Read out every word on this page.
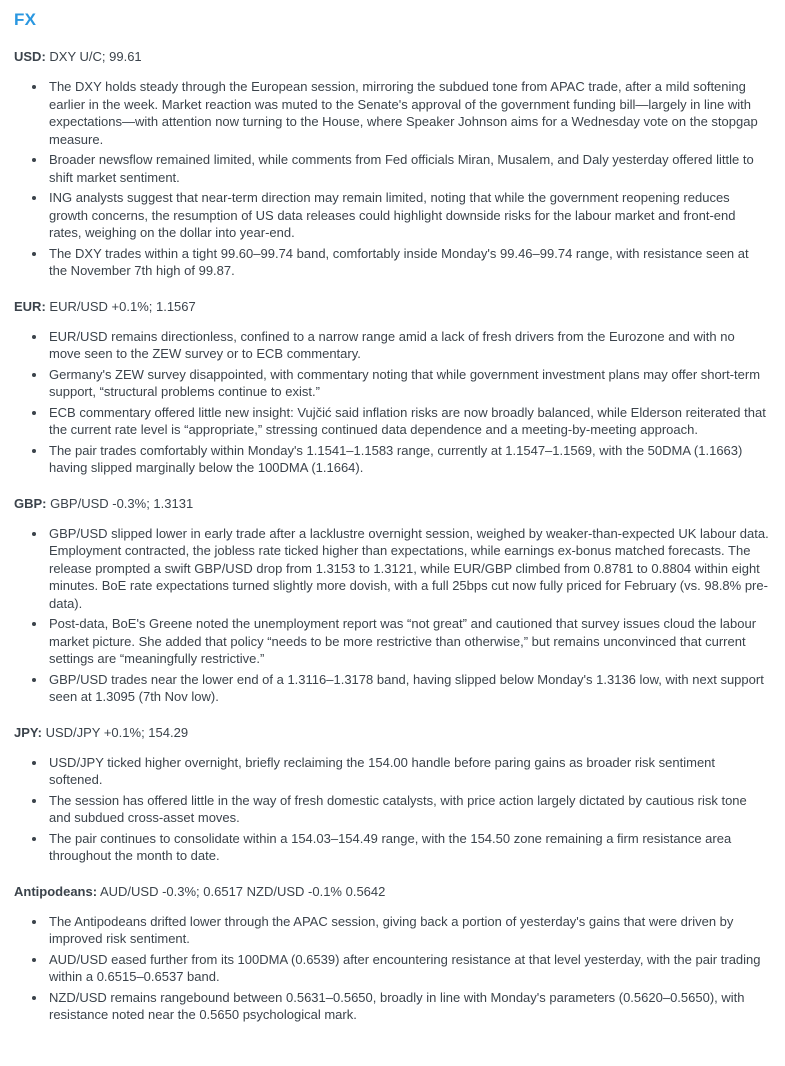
FX

USD: DXY U/C; 99.61

• The DXY holds steady through the European session, mirroring the subdued tone from APAC trade, after a mild softening earlier in the week. Market reaction was muted to the Senate's approval of the government funding bill—largely in line with expectations—with attention now turning to the House, where Speaker Johnson aims for a Wednesday vote on the stopgap measure.
• Broader newsflow remained limited, while comments from Fed officials Miran, Musalem, and Daly yesterday offered little to shift market sentiment.
• ING analysts suggest that near-term direction may remain limited, noting that while the government reopening reduces growth concerns, the resumption of US data releases could highlight downside risks for the labour market and front-end rates, weighing on the dollar into year-end.
• The DXY trades within a tight 99.60–99.74 band, comfortably inside Monday's 99.46–99.74 range, with resistance seen at the November 7th high of 99.87.

EUR: EUR/USD +0.1%; 1.1567

• EUR/USD remains directionless, confined to a narrow range amid a lack of fresh drivers from the Eurozone and with no move seen to the ZEW survey or to ECB commentary.
• Germany's ZEW survey disappointed, with commentary noting that while government investment plans may offer short-term support, “structural problems continue to exist.”
• ECB commentary offered little new insight: Vujčić said inflation risks are now broadly balanced, while Elderson reiterated that the current rate level is “appropriate,” stressing continued data dependence and a meeting-by-meeting approach.
• The pair trades comfortably within Monday's 1.1541–1.1583 range, currently at 1.1547–1.1569, with the 50DMA (1.1663) having slipped marginally below the 100DMA (1.1664).

GBP: GBP/USD -0.3%; 1.3131

• GBP/USD slipped lower in early trade after a lacklustre overnight session, weighed by weaker-than-expected UK labour data. Employment contracted, the jobless rate ticked higher than expectations, while earnings ex-bonus matched forecasts. The release prompted a swift GBP/USD drop from 1.3153 to 1.3121, while EUR/GBP climbed from 0.8781 to 0.8804 within eight minutes. BoE rate expectations turned slightly more dovish, with a full 25bps cut now fully priced for February (vs. 98.8% pre-data).
• Post-data, BoE's Greene noted the unemployment report was “not great” and cautioned that survey issues cloud the labour market picture. She added that policy “needs to be more restrictive than otherwise,” but remains unconvinced that current settings are “meaningfully restrictive.”
• GBP/USD trades near the lower end of a 1.3116–1.3178 band, having slipped below Monday's 1.3136 low, with next support seen at 1.3095 (7th Nov low).

JPY: USD/JPY +0.1%; 154.29

• USD/JPY ticked higher overnight, briefly reclaiming the 154.00 handle before paring gains as broader risk sentiment softened.
• The session has offered little in the way of fresh domestic catalysts, with price action largely dictated by cautious risk tone and subdued cross-asset moves.
• The pair continues to consolidate within a 154.03–154.49 range, with the 154.50 zone remaining a firm resistance area throughout the month to date.

Antipodeans: AUD/USD -0.3%; 0.6517 NZD/USD -0.1% 0.5642

• The Antipodeans drifted lower through the APAC session, giving back a portion of yesterday's gains that were driven by improved risk sentiment.
• AUD/USD eased further from its 100DMA (0.6539) after encountering resistance at that level yesterday, with the pair trading within a 0.6515–0.6537 band.
• NZD/USD remains rangebound between 0.5631–0.5650, broadly in line with Monday's parameters (0.5620–0.5650), with resistance noted near the 0.5650 psychological mark.
